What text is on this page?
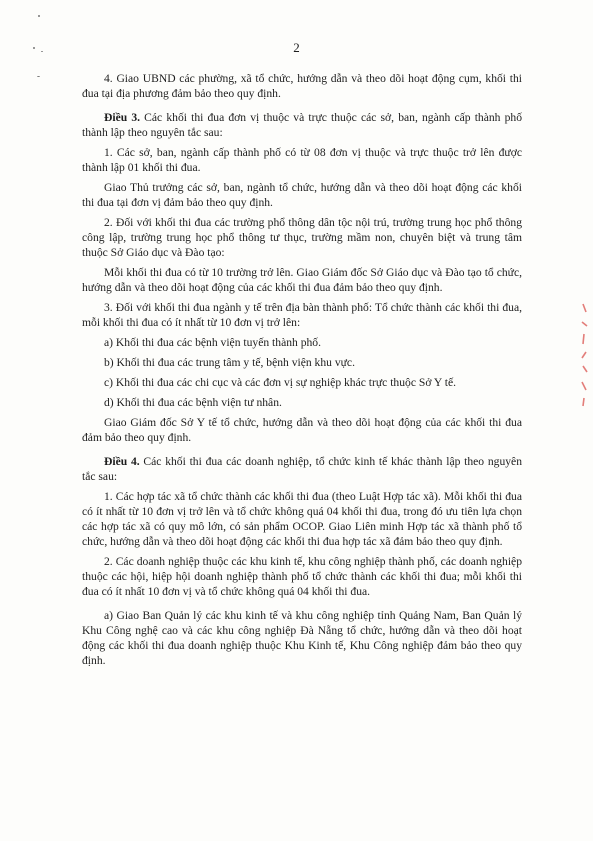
2

4. Giao UBND các phường, xã tổ chức, hướng dẫn và theo dõi hoạt động cụm, khối thi đua tại địa phương đảm bảo theo quy định.

Điều 3. Các khối thi đua đơn vị thuộc và trực thuộc các sở, ban, ngành cấp thành phố thành lập theo nguyên tắc sau:

1. Các sở, ban, ngành cấp thành phố có từ 08 đơn vị thuộc và trực thuộc trở lên được thành lập 01 khối thi đua.

Giao Thủ trưởng các sở, ban, ngành tổ chức, hướng dẫn và theo dõi hoạt động các khối thi đua tại đơn vị đảm bảo theo quy định.

2. Đối với khối thi đua các trường phổ thông dân tộc nội trú, trường trung học phổ thông công lập, trường trung học phổ thông tư thục, trường mầm non, chuyên biệt và trung tâm thuộc Sở Giáo dục và Đào tạo:

Mỗi khối thi đua có từ 10 trường trở lên. Giao Giám đốc Sở Giáo dục và Đào tạo tổ chức, hướng dẫn và theo dõi hoạt động của các khối thi đua đảm bảo theo quy định.

3. Đối với khối thi đua ngành y tế trên địa bàn thành phố: Tổ chức thành các khối thi đua, mỗi khối thi đua có ít nhất từ 10 đơn vị trở lên:

a) Khối thi đua các bệnh viện tuyến thành phố.

b) Khối thi đua các trung tâm y tế, bệnh viện khu vực.

c) Khối thi đua các chi cục và các đơn vị sự nghiệp khác trực thuộc Sở Y tế.

d) Khối thi đua các bệnh viện tư nhân.

Giao Giám đốc Sở Y tế tổ chức, hướng dẫn và theo dõi hoạt động của các khối thi đua đảm bảo theo quy định.

Điều 4. Các khối thi đua các doanh nghiệp, tổ chức kinh tế khác thành lập theo nguyên tắc sau:

1. Các hợp tác xã tổ chức thành các khối thi đua (theo Luật Hợp tác xã). Mỗi khối thi đua có ít nhất từ 10 đơn vị trở lên và tổ chức không quá 04 khối thi đua, trong đó ưu tiên lựa chọn các hợp tác xã có quy mô lớn, có sản phẩm OCOP. Giao Liên minh Hợp tác xã thành phố tổ chức, hướng dẫn và theo dõi hoạt động các khối thi đua hợp tác xã đảm bảo theo quy định.

2. Các doanh nghiệp thuộc các khu kinh tế, khu công nghiệp thành phố, các doanh nghiệp thuộc các hội, hiệp hội doanh nghiệp thành phố tổ chức thành các khối thi đua; mỗi khối thi đua có ít nhất 10 đơn vị và tổ chức không quá 04 khối thi đua.

a) Giao Ban Quản lý các khu kinh tế và khu công nghiệp tỉnh Quảng Nam, Ban Quản lý Khu Công nghệ cao và các khu công nghiệp Đà Nẵng tổ chức, hướng dẫn và theo dõi hoạt động các khối thi đua doanh nghiệp thuộc Khu Kinh tế, Khu Công nghiệp đảm bảo theo quy định.
